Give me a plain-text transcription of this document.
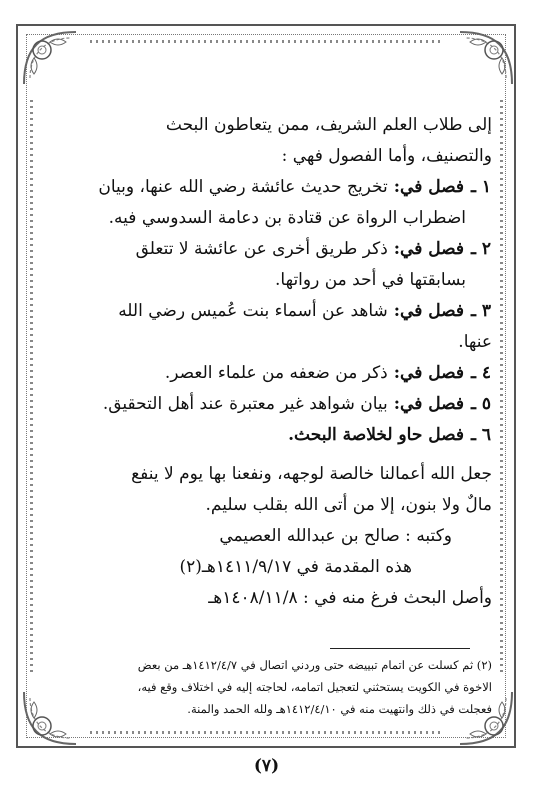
إلى طلاب العلم الشريف، ممن يتعاطون البحث
والتصنيف، وأما الفصول فهي :
١ ـ
فصل في:
تخريج حديث عائشة رضي الله عنها، وبيان
اضطراب الرواة عن قتادة بن دعامة السدوسي فيه.
٢ ـ
فصل في:
ذكر طريق أخرى عن عائشة لا تتعلق
بسابقتها في أحد من رواتها.
٣ ـ
فصل في:
شاهد عن أسماء بنت عُميس رضي الله
عنها.
٤ ـ
فصل في:
ذكر من ضعفه من علماء العصر.
٥ ـ
فصل في:
بيان شواهد غير معتبرة عند أهل التحقيق.
٦ ـ
فصل حاو لخلاصة البحث.
جعل الله أعمالنا خالصة لوجهه، ونفعنا بها يوم لا ينفع
مالٌ ولا بنون، إلا من أتى الله بقلب سليم.
وكتبه : صالح بن عبدالله العصيمي
هذه المقدمة في ١٤١١/٩/١٧هـ(٢)
وأصل البحث فرغ منه في : ١٤٠٨/١١/٨هـ
(٢) ثم كسلت عن اتمام تبييضه حتى وردني اتصال في ١٤١٢/٤/٧هـ من بعض
الاخوة في الكويت يستحثني لتعجيل اتمامه، لحاجته إليه في اختلاف وقع فيه،
فعجلت في ذلك وانتهيت منه في ١٤١٢/٤/١٠هـ ولله الحمد والمنة.
(٧)
